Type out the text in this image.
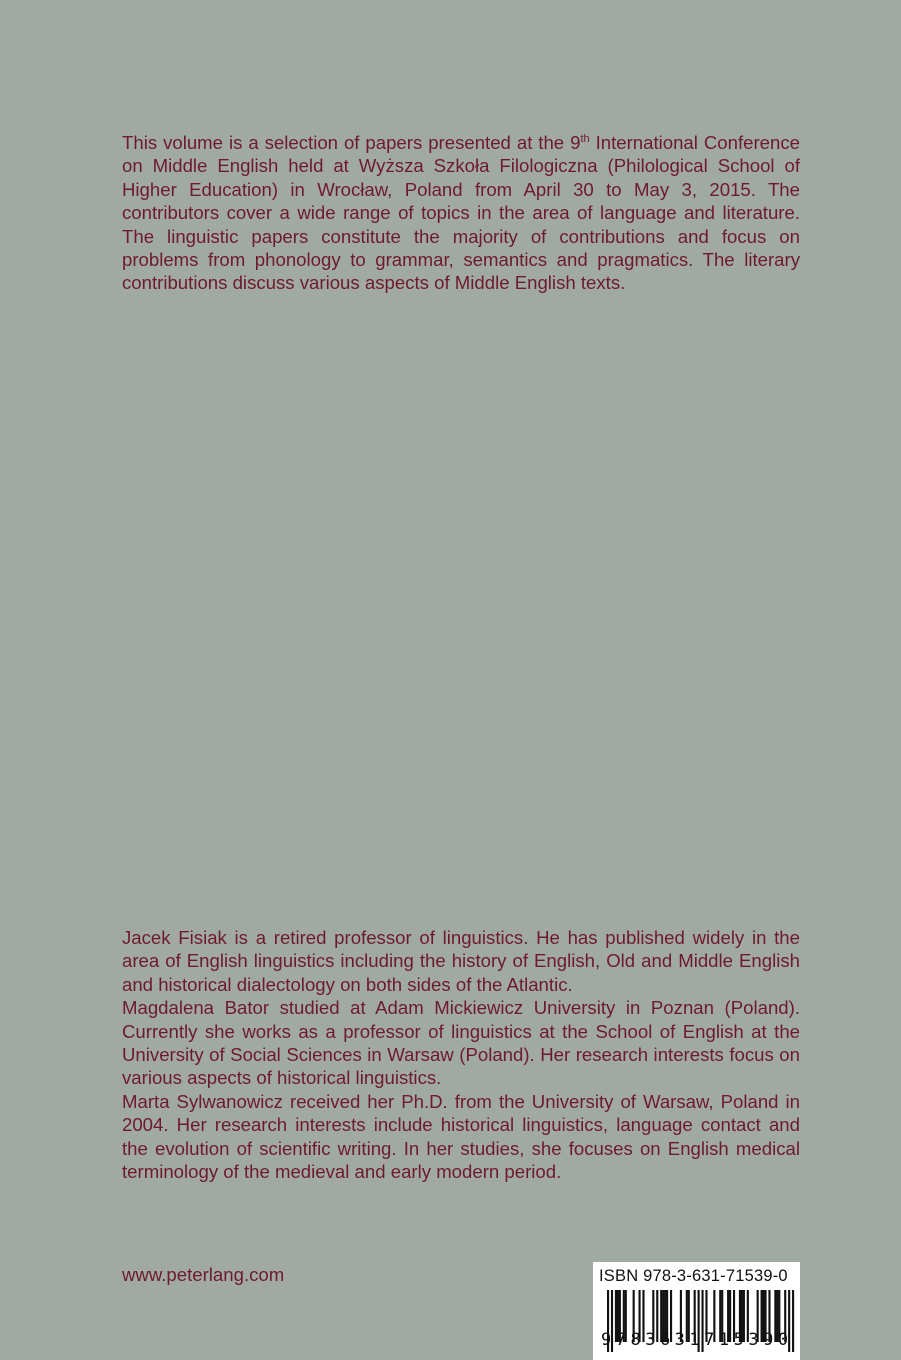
This volume is a selection of papers presented at the 9th International Conference on Middle English held at Wyższa Szkoła Filologiczna (Philological School of Higher Education) in Wrocław, Poland from April 30 to May 3, 2015. The contributors cover a wide range of topics in the area of language and literature. The linguistic papers constitute the majority of contributions and focus on problems from phonology to grammar, semantics and pragmatics. The literary contributions discuss various aspects of Middle English texts.

Jacek Fisiak is a retired professor of linguistics. He has published widely in the area of English linguistics including the history of English, Old and Middle English and historical dialectology on both sides of the Atlantic.

Magdalena Bator studied at Adam Mickiewicz University in Poznan (Poland). Currently she works as a professor of linguistics at the School of English at the University of Social Sciences in Warsaw (Poland). Her research interests focus on various aspects of historical linguistics.

Marta Sylwanowicz received her Ph.D. from the University of Warsaw, Poland in 2004. Her research interests include historical linguistics, language contact and the evolution of scientific writing. In her studies, she focuses on English medical terminology of the medieval and early modern period.

www.peterlang.com	ISBN 978-3-631-71539-0
9783631715390
